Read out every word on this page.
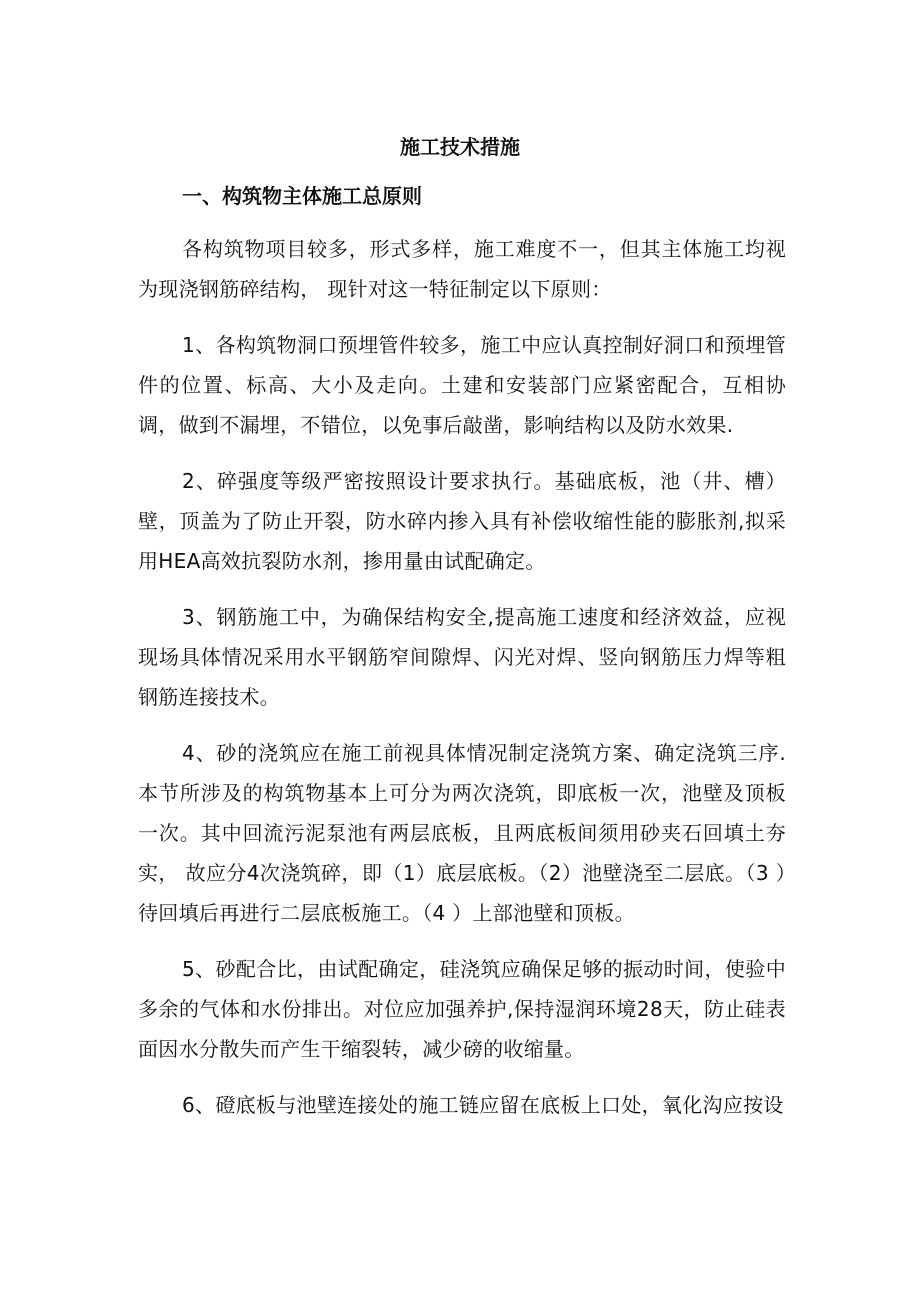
施工技术措施
一、构筑物主体施工总原则

各构筑物项目较多，形式多样，施工难度不一，但其主体施工均视为现浇钢筋碎结构， 现针对这一特征制定以下原则：

1、各构筑物洞口预埋管件较多，施工中应认真控制好洞口和预埋管件的位置、标高、大小及走向。土建和安装部门应紧密配合，互相协调，做到不漏埋，不错位，以免事后敲凿，影响结构以及防水效果.

2、碎强度等级严密按照设计要求执行。基础底板，池（井、槽）壁，顶盖为了防止开裂，防水碎内掺入具有补偿收缩性能的膨胀剂,拟采用HEA高效抗裂防水剂，掺用量由试配确定。

3、钢筋施工中，为确保结构安全,提高施工速度和经济效益，应视现场具体情况采用水平钢筋窄间隙焊、闪光对焊、竖向钢筋压力焊等粗钢筋连接技术。

4、砂的浇筑应在施工前视具体情况制定浇筑方案、确定浇筑三序.本节所涉及的构筑物基本上可分为两次浇筑，即底板一次，池壁及顶板一次。其中回流污泥泵池有两层底板，且两底板间须用砂夹石回填土夯实， 故应分4次浇筑碎，即（1）底层底板。（2）池壁浇至二层底。（3 ）待回填后再进行二层底板施工。（4 ）上部池壁和顶板。

5、砂配合比，由试配确定，硅浇筑应确保足够的振动时间，使验中多余的气体和水份排出。对位应加强养护,保持湿润环境28天，防止硅表面因水分散失而产生干缩裂转，减少磅的收缩量。

6、磴底板与池壁连接处的施工链应留在底板上口处，氧化沟应按设
